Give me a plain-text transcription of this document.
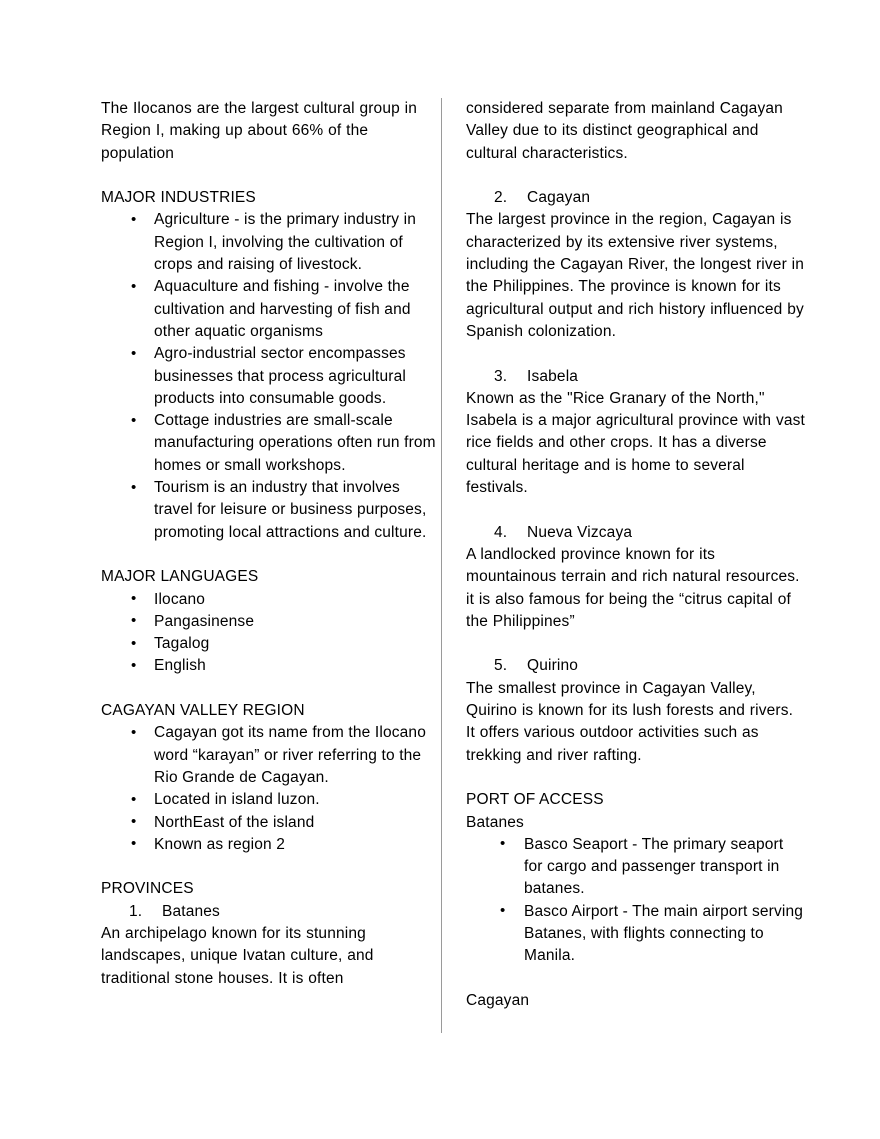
The Ilocanos are the largest cultural group in Region I, making up about 66% of the population
MAJOR INDUSTRIES
• Agriculture - is the primary industry in Region I, involving the cultivation of crops and raising of livestock.
• Aquaculture and fishing - involve the cultivation and harvesting of fish and other aquatic organisms
• Agro-industrial sector encompasses businesses that process agricultural products into consumable goods.
• Cottage industries are small-scale manufacturing operations often run from homes or small workshops.
• Tourism is an industry that involves travel for leisure or business purposes, promoting local attractions and culture.
MAJOR LANGUAGES
• Ilocano
• Pangasinense
• Tagalog
• English
CAGAYAN VALLEY REGION
• Cagayan got its name from the Ilocano word “karayan” or river referring to the Rio Grande de Cagayan.
• Located in island luzon.
• NorthEast of the island
• Known as region 2
PROVINCES
1.	Batanes
An archipelago known for its stunning landscapes, unique Ivatan culture, and traditional stone houses. It is often
considered separate from mainland Cagayan Valley due to its distinct geographical and cultural characteristics.
2.	Cagayan
The largest province in the region, Cagayan is characterized by its extensive river systems, including the Cagayan River, the longest river in the Philippines. The province is known for its agricultural output and rich history influenced by Spanish colonization.
3.	Isabela
Known as the "Rice Granary of the North," Isabela is a major agricultural province with vast rice fields and other crops. It has a diverse cultural heritage and is home to several festivals.
4.	Nueva Vizcaya
A landlocked province known for its mountainous terrain and rich natural resources. it is also famous for being the “citrus capital of the Philippines”
5.	Quirino
The smallest province in Cagayan Valley, Quirino is known for its lush forests and rivers. It offers various outdoor activities such as trekking and river rafting.
PORT OF ACCESS
Batanes
• Basco Seaport - The primary seaport for cargo and passenger transport in batanes.
• Basco Airport - The main airport serving Batanes, with flights connecting to Manila.
Cagayan
